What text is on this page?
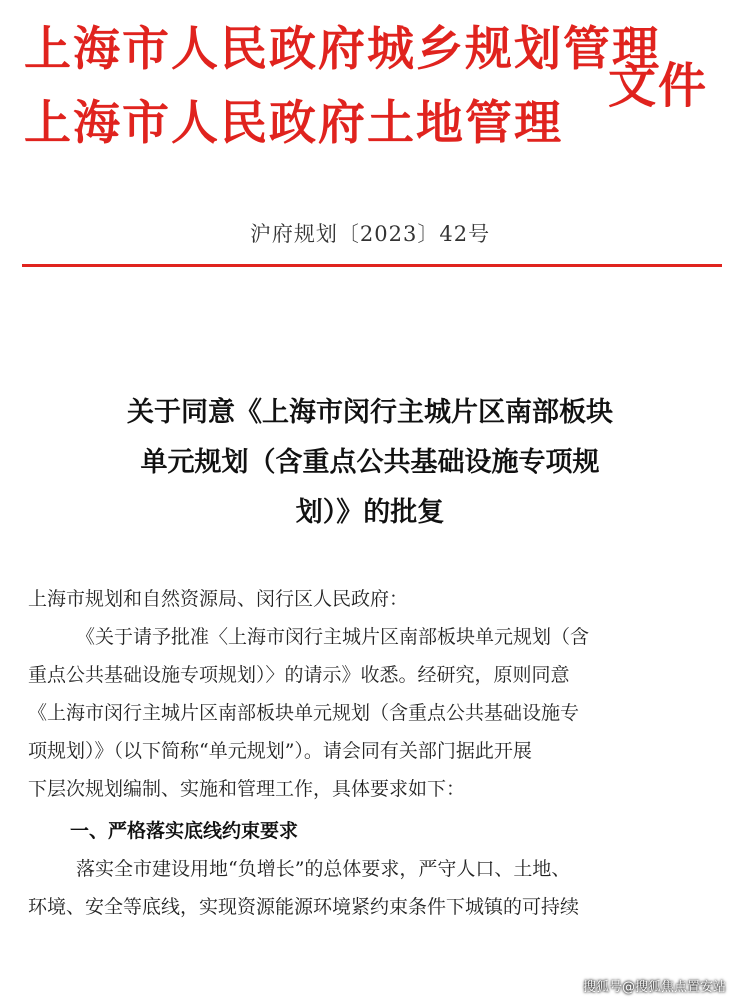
上海市人民政府城乡规划管理
上海市人民政府土地管理
文件
沪府规划〔2023〕42号
关于同意《上海市闵行主城片区南部板块
单元规划（含重点公共基础设施专项规
划）》的批复

上海市规划和自然资源局、闵行区人民政府：

《关于请予批准〈上海市闵行主城片区南部板块单元规划（含

重点公共基础设施专项规划）〉的请示》收悉。经研究，原则同意

《上海市闵行主城片区南部板块单元规划（含重点公共基础设施专

项规划）》（以下简称“单元规划”）。请会同有关部门据此开展

下层次规划编制、实施和管理工作，具体要求如下：

一、严格落实底线约束要求

落实全市建设用地“负增长”的总体要求，严守人口、土地、

环境、安全等底线，实现资源能源环境紧约束条件下城镇的可持续

搜狐号@搜狐焦点置安站
